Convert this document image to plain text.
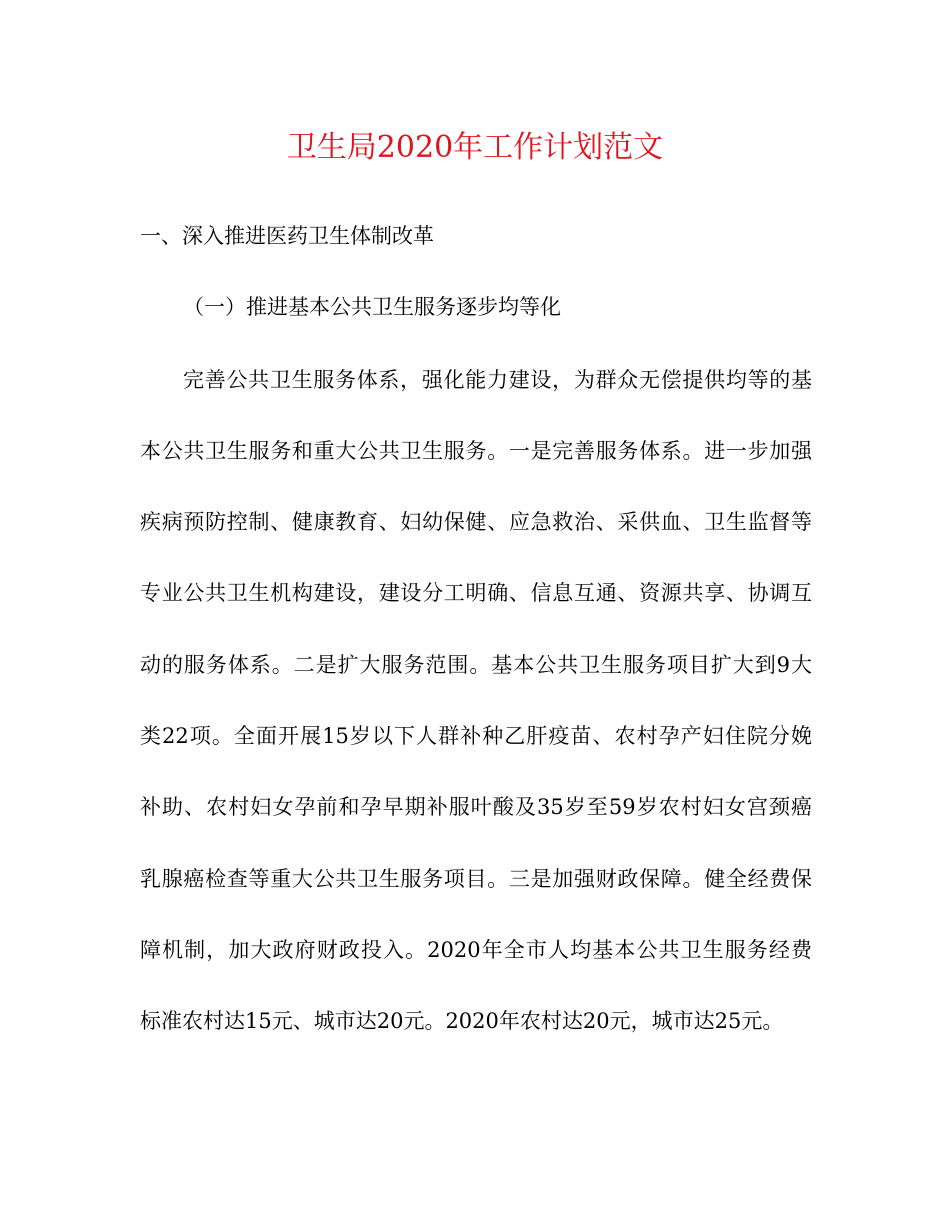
卫生局2020年工作计划范文
一、深入推进医药卫生体制改革
（一）推进基本公共卫生服务逐步均等化
完善公共卫生服务体系，强化能力建设，为群众无偿提供均等的基
本公共卫生服务和重大公共卫生服务。一是完善服务体系。进一步加强
疾病预防控制、健康教育、妇幼保健、应急救治、采供血、卫生监督等
专业公共卫生机构建设，建设分工明确、信息互通、资源共享、协调互
动的服务体系。二是扩大服务范围。基本公共卫生服务项目扩大到9大
类22项。全面开展15岁以下人群补种乙肝疫苗、农村孕产妇住院分娩
补助、农村妇女孕前和孕早期补服叶酸及35岁至59岁农村妇女宫颈癌
乳腺癌检查等重大公共卫生服务项目。三是加强财政保障。健全经费保
障机制，加大政府财政投入。2020年全市人均基本公共卫生服务经费
标准农村达15元、城市达20元。2020年农村达20元，城市达25元。
